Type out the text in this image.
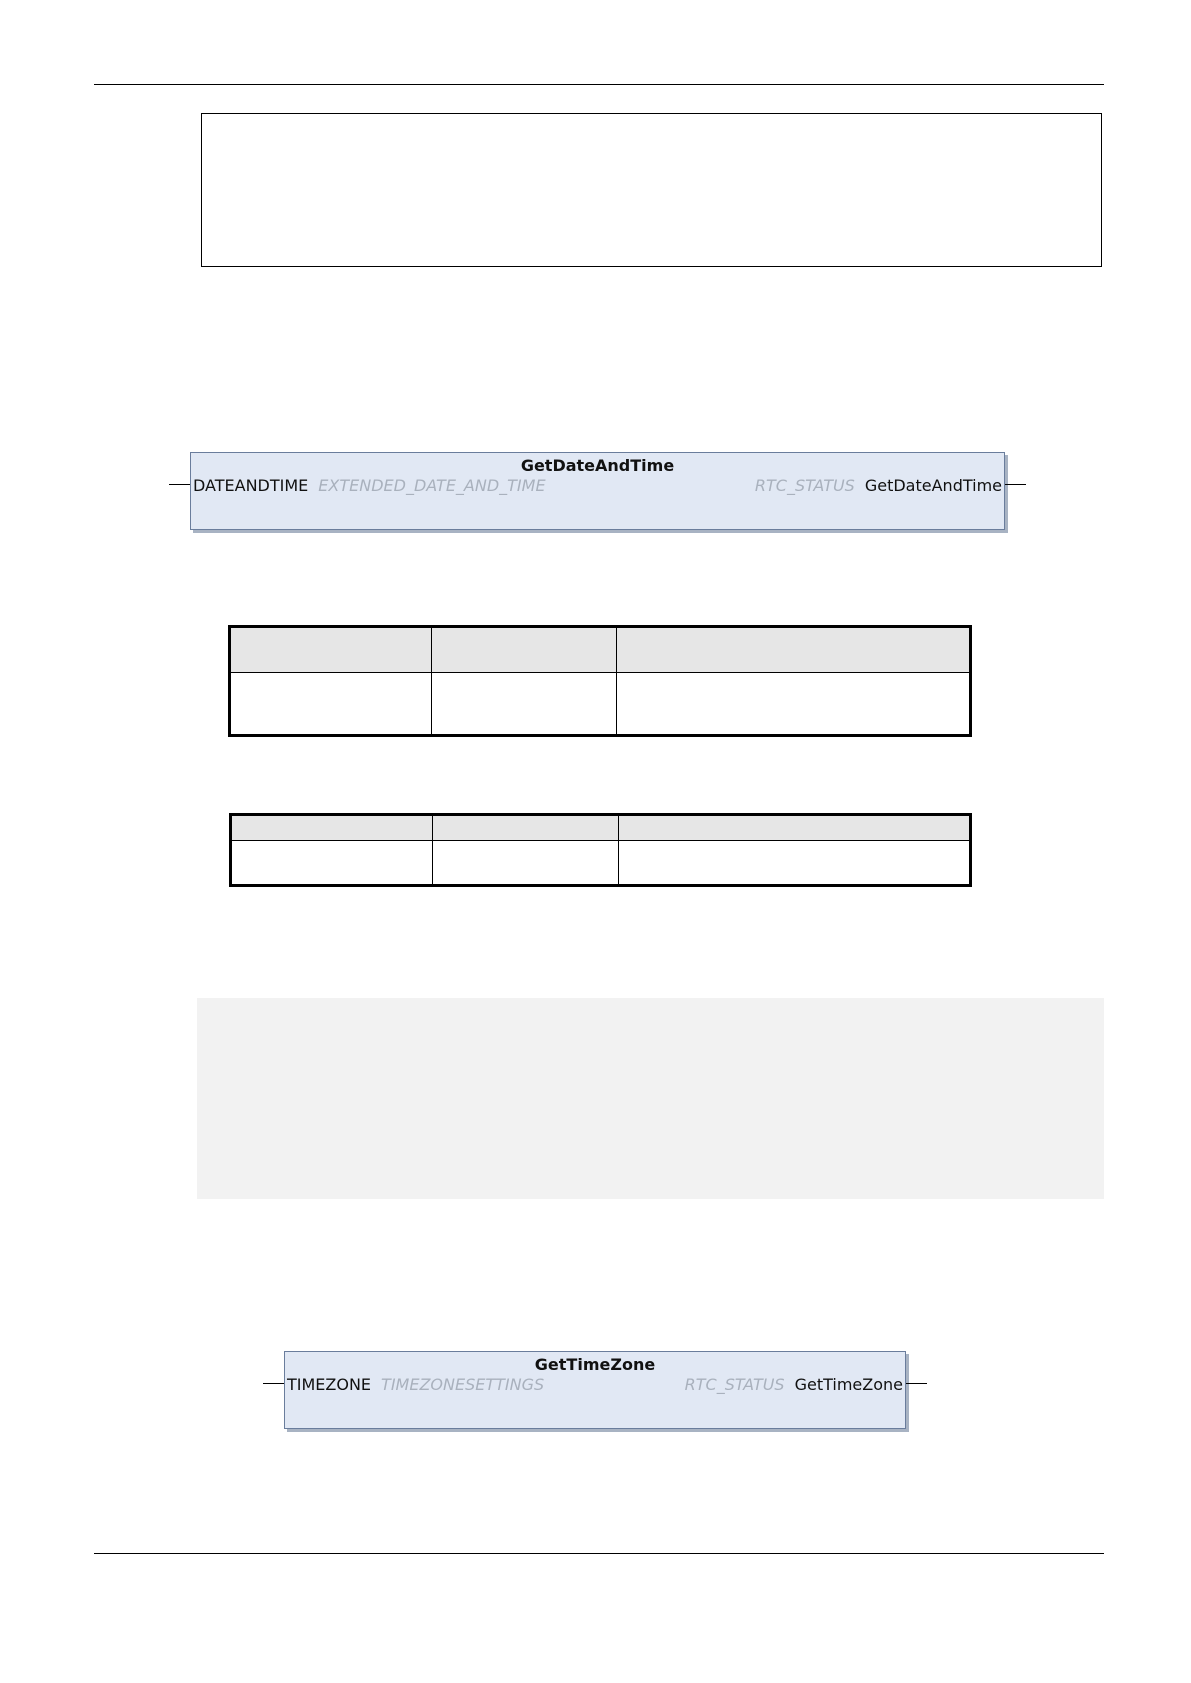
GetDateAndTime
DATEANDTIME EXTENDED_DATE_AND_TIME	RTC_STATUS GetDateAndTime

GetTimeZone
TIMEZONE TIMEZONESETTINGS	RTC_STATUS GetTimeZone
